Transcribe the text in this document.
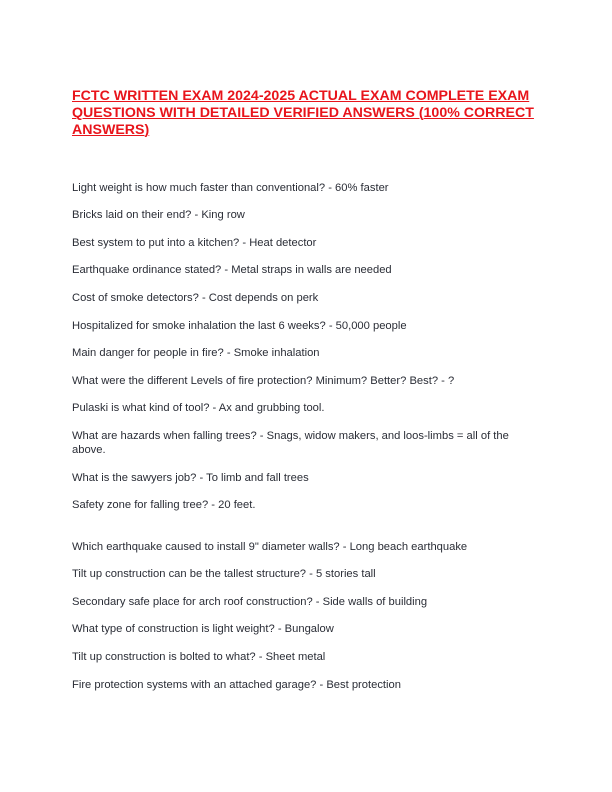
FCTC WRITTEN EXAM 2024-2025 ACTUAL EXAM COMPLETE EXAM QUESTIONS WITH DETAILED VERIFIED ANSWERS (100% CORRECT ANSWERS)

Light weight is how much faster than conventional? - 60% faster

Bricks laid on their end? - King row

Best system to put into a kitchen? - Heat detector

Earthquake ordinance stated? - Metal straps in walls are needed

Cost of smoke detectors? - Cost depends on perk

Hospitalized for smoke inhalation the last 6 weeks? - 50,000 people

Main danger for people in fire? - Smoke inhalation

What were the different Levels of fire protection? Minimum? Better? Best? - ?

Pulaski is what kind of tool? - Ax and grubbing tool.

What are hazards when falling trees? - Snags, widow makers, and loos-limbs = all of the above.

What is the sawyers job? - To limb and fall trees

Safety zone for falling tree? - 20 feet.

Which earthquake caused to install 9" diameter walls? - Long beach earthquake

Tilt up construction can be the tallest structure? - 5 stories tall

Secondary safe place for arch roof construction? - Side walls of building

What type of construction is light weight? - Bungalow

Tilt up construction is bolted to what? - Sheet metal

Fire protection systems with an attached garage? - Best protection
